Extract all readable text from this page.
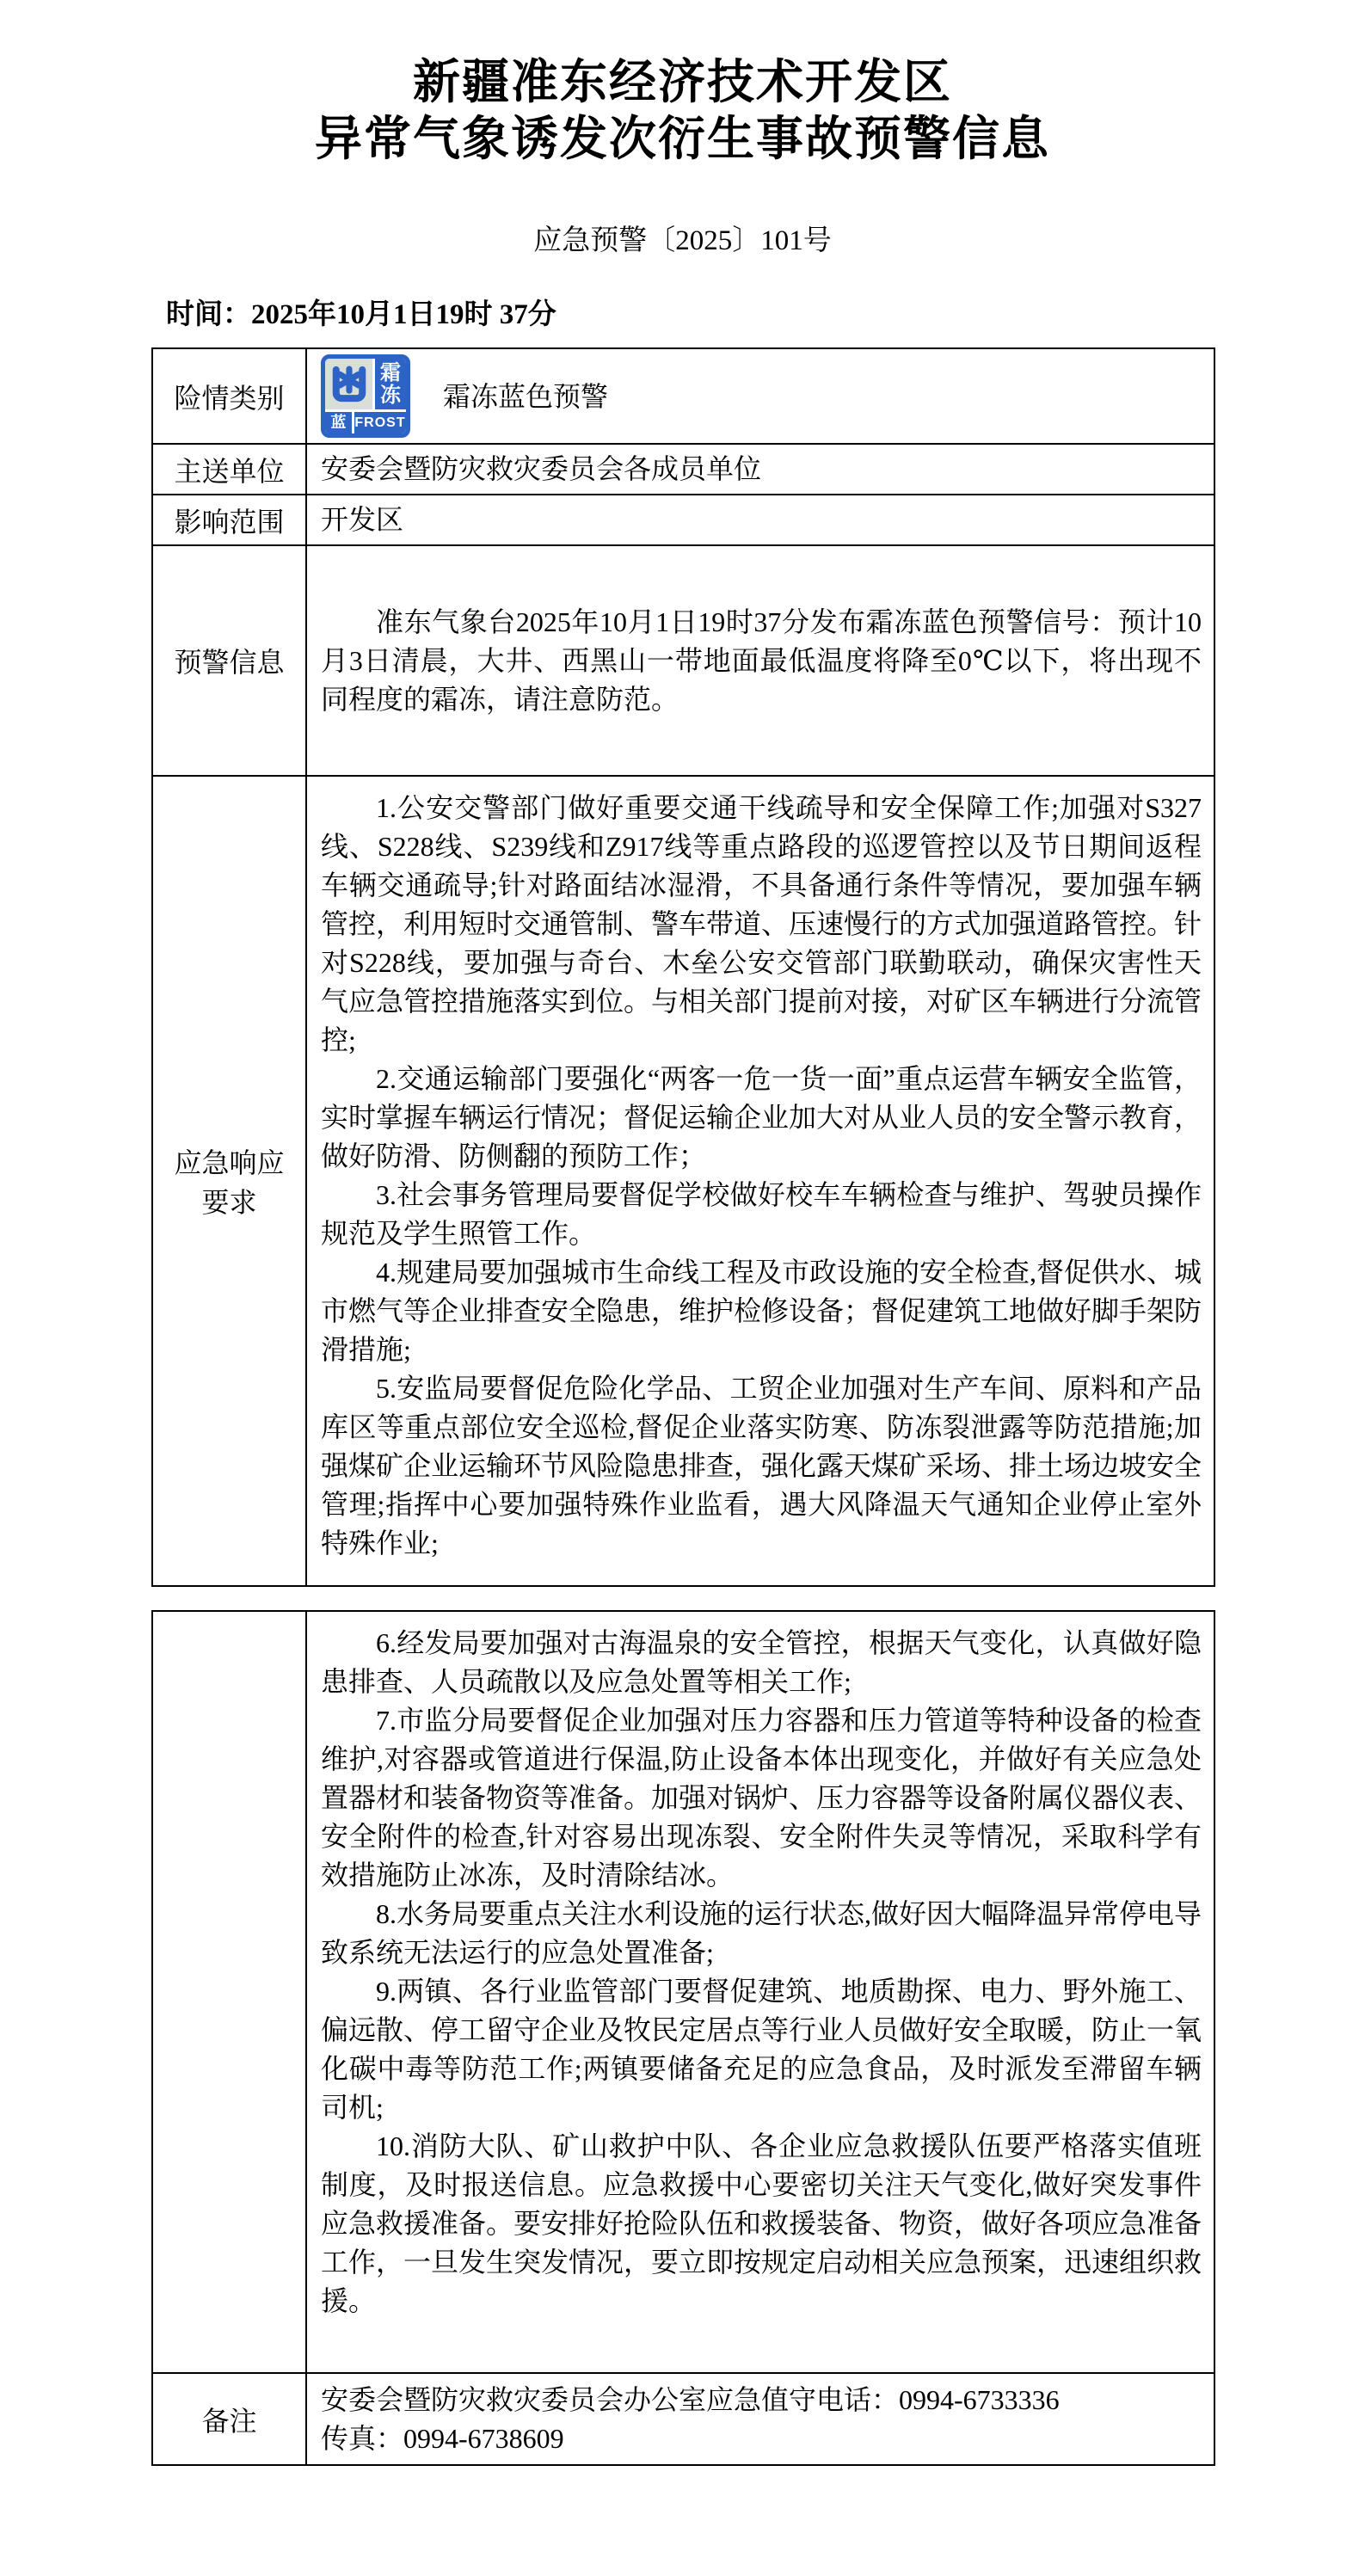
新疆准东经济技术开发区
异常气象诱发次衍生事故预警信息
应急预警〔2025〕101号
时间：2025年10月1日19时 37分
险情类别	霜
冻
蓝 FROST
霜冻蓝色预警

主送单位	安委会暨防灾救灾委员会各成员单位
影响范围	开发区
预警信息	准东气象台2025年10月1日19时37分发布霜冻蓝色预警信号：预计10月3日清晨，大井、西黑山一带地面最低温度将降至0℃以下，将出现不同程度的霜冻，请注意防范。

应急响应要求	1.公安交警部门做好重要交通干线疏导和安全保障工作;加强对S327线、S228线、S239线和Z917线等重点路段的巡逻管控以及节日期间返程车辆交通疏导;针对路面结冰湿滑，不具备通行条件等情况，要加强车辆管控，利用短时交通管制、警车带道、压速慢行的方式加强道路管控。针对S228线，要加强与奇台、木垒公安交管部门联勤联动，确保灾害性天气应急管控措施落实到位。与相关部门提前对接，对矿区车辆进行分流管控;

2.交通运输部门要强化“两客一危一货一面”重点运营车辆安全监管，实时掌握车辆运行情况；督促运输企业加大对从业人员的安全警示教育，做好防滑、防侧翻的预防工作；

3.社会事务管理局要督促学校做好校车车辆检查与维护、驾驶员操作规范及学生照管工作。

4.规建局要加强城市生命线工程及市政设施的安全检查,督促供水、城市燃气等企业排查安全隐患，维护检修设备；督促建筑工地做好脚手架防滑措施;

5.安监局要督促危险化学品、工贸企业加强对生产车间、原料和产品库区等重点部位安全巡检,督促企业落实防寒、防冻裂泄露等防范措施;加强煤矿企业运输环节风险隐患排查，强化露天煤矿采场、排土场边坡安全管理;指挥中心要加强特殊作业监看，遇大风降温天气通知企业停止室外特殊作业;

	6.经发局要加强对古海温泉的安全管控，根据天气变化，认真做好隐患排查、人员疏散以及应急处置等相关工作;

7.市监分局要督促企业加强对压力容器和压力管道等特种设备的检查维护,对容器或管道进行保温,防止设备本体出现变化，并做好有关应急处置器材和装备物资等准备。加强对锅炉、压力容器等设备附属仪器仪表、安全附件的检查,针对容易出现冻裂、安全附件失灵等情况，采取科学有效措施防止冰冻，及时清除结冰。

8.水务局要重点关注水利设施的运行状态,做好因大幅降温异常停电导致系统无法运行的应急处置准备;

9.两镇、各行业监管部门要督促建筑、地质勘探、电力、野外施工、偏远散、停工留守企业及牧民定居点等行业人员做好安全取暖，防止一氧化碳中毒等防范工作;两镇要储备充足的应急食品，及时派发至滞留车辆司机;

10.消防大队、矿山救护中队、各企业应急救援队伍要严格落实值班制度，及时报送信息。应急救援中心要密切关注天气变化,做好突发事件应急救援准备。要安排好抢险队伍和救援装备、物资，做好各项应急准备工作，一旦发生突发情况，要立即按规定启动相关应急预案，迅速组织救援。

备注	安委会暨防灾救灾委员会办公室应急值守电话：0994-6733336

传真：0994-6738609
